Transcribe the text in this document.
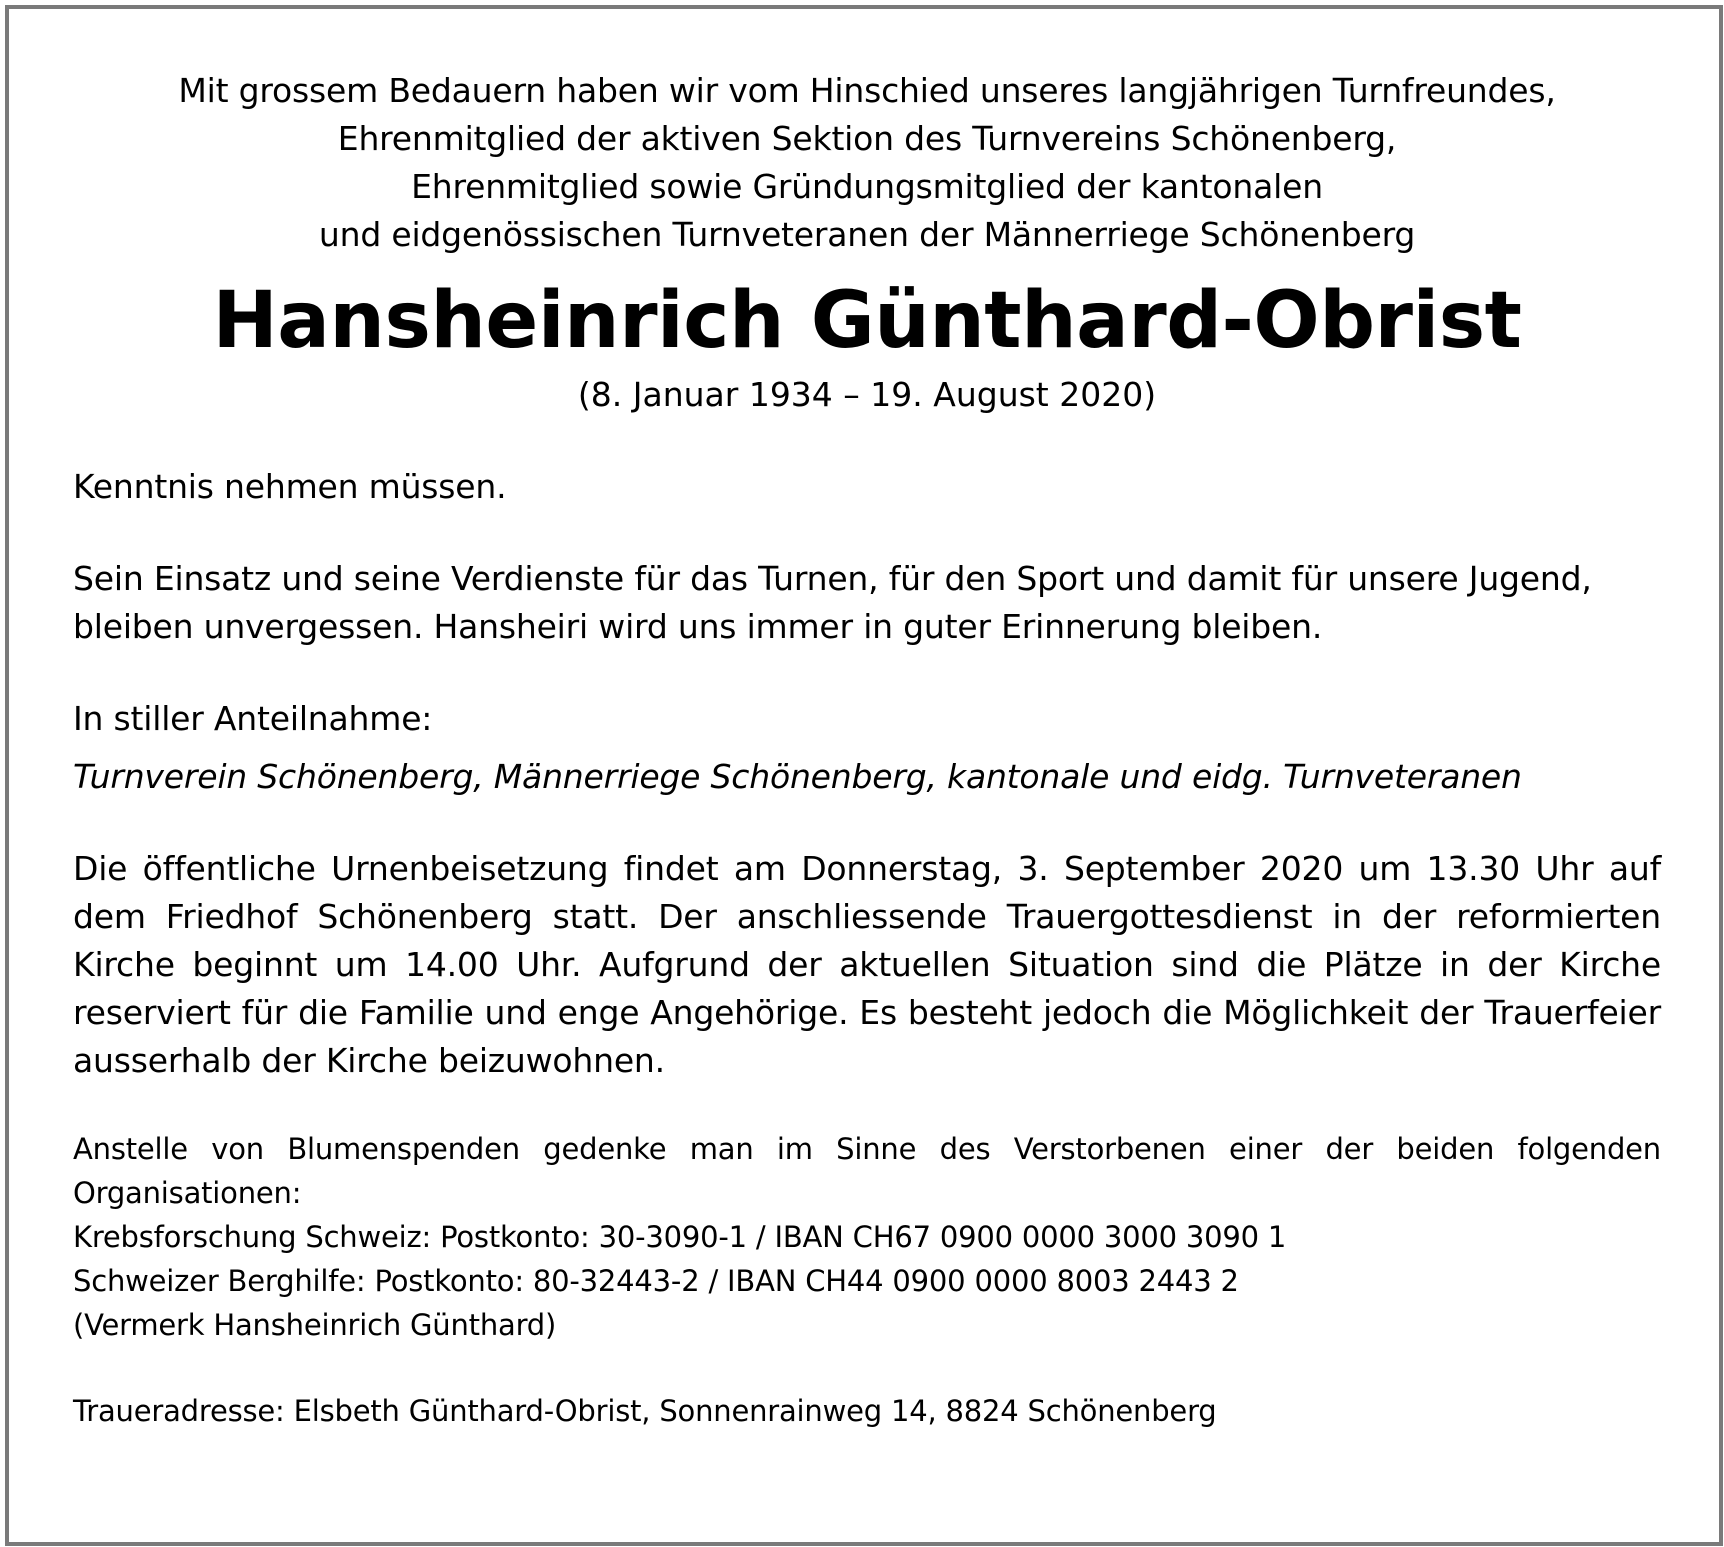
Mit grossem Bedauern haben wir vom Hinschied unseres langjährigen Turnfreundes,
Ehrenmitglied der aktiven Sektion des Turnvereins Schönenberg,
Ehrenmitglied sowie Gründungsmitglied der kantonalen
und eidgenössischen Turnveteranen der Männerriege Schönenberg
Hansheinrich Günthard-Obrist
(8. Januar 1934 – 19. August 2020)
Kenntnis nehmen müssen.
Sein Einsatz und seine Verdienste für das Turnen, für den Sport und damit für unsere Jugend, bleiben unvergessen. Hansheiri wird uns immer in guter Erinnerung bleiben.
In stiller Anteilnahme:
Turnverein Schönenberg, Männerriege Schönenberg, kantonale und eidg. Turnveteranen
Die öffentliche Urnenbeisetzung findet am Donnerstag, 3. September 2020 um 13.30 Uhr auf dem Friedhof Schönenberg statt. Der anschliessende Trauergottesdienst in der reformierten Kirche beginnt um 14.00 Uhr. Aufgrund der aktuellen Situation sind die Plätze in der Kirche reserviert für die Familie und enge Angehörige. Es besteht jedoch die Möglichkeit der Trauerfeier ausserhalb der Kirche beizuwohnen.
Anstelle von Blumenspenden gedenke man im Sinne des Verstorbenen einer der beiden folgenden Organisationen:
Krebsforschung Schweiz: Postkonto: 30-3090-1 / IBAN CH67 0900 0000 3000 3090 1
Schweizer Berghilfe: Postkonto: 80-32443-2 / IBAN CH44 0900 0000 8003 2443 2
(Vermerk Hansheinrich Günthard)
Traueradresse: Elsbeth Günthard-Obrist, Sonnenrainweg 14, 8824 Schönenberg
